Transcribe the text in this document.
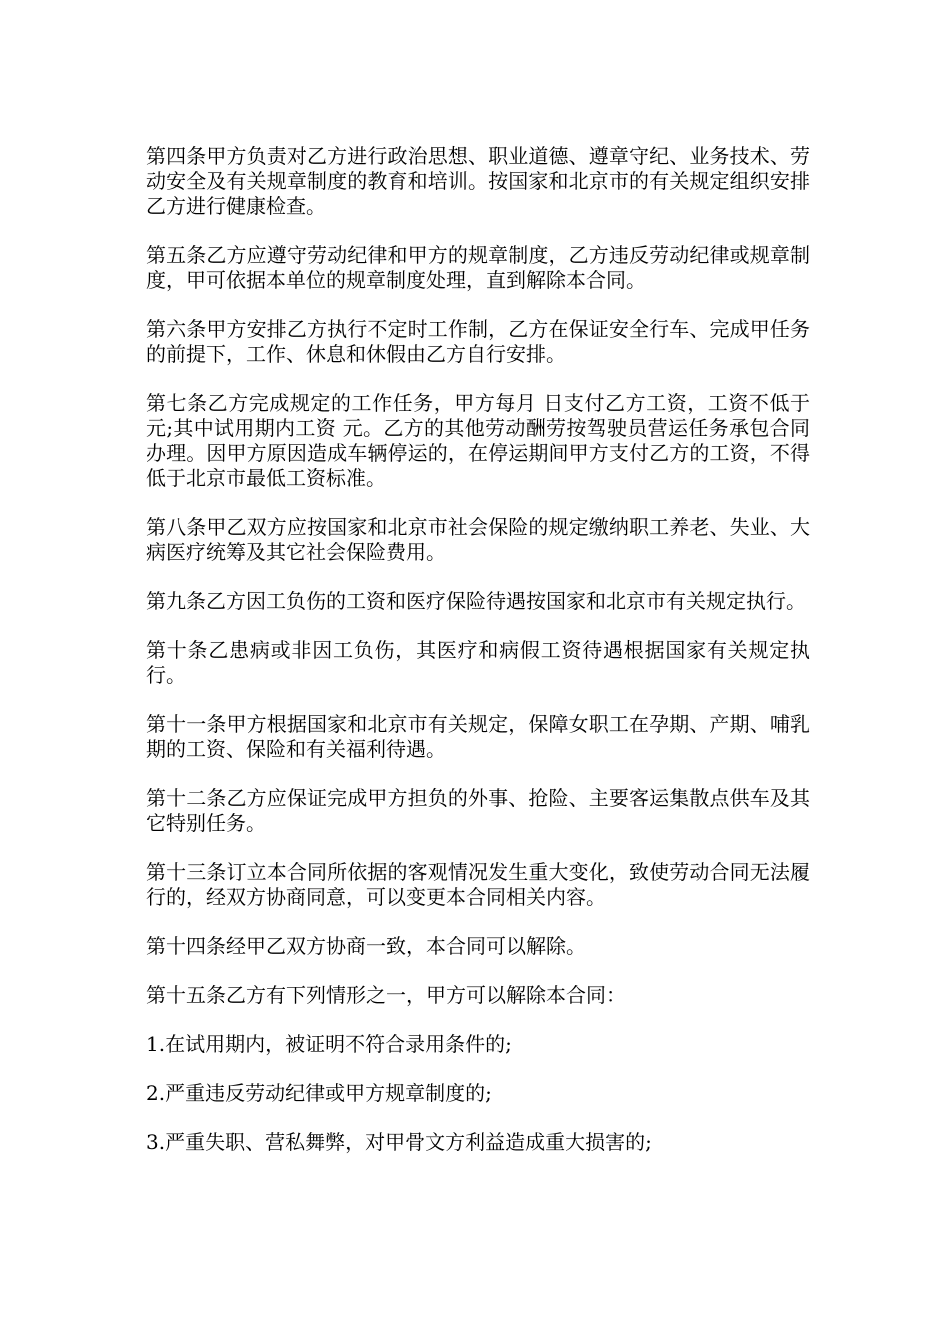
第四条甲方负责对乙方进行政治思想、职业道德、遵章守纪、业务技术、劳动安全及有关规章制度的教育和培训。按国家和北京市的有关规定组织安排乙方进行健康检查。

第五条乙方应遵守劳动纪律和甲方的规章制度，乙方违反劳动纪律或规章制度，甲可依据本单位的规章制度处理，直到解除本合同。

第六条甲方安排乙方执行不定时工作制，乙方在保证安全行车、完成甲任务的前提下，工作、休息和休假由乙方自行安排。

第七条乙方完成规定的工作任务，甲方每月 日支付乙方工资，工资不低于 元;其中试用期内工资 元。乙方的其他劳动酬劳按驾驶员营运任务承包合同办理。因甲方原因造成车辆停运的，在停运期间甲方支付乙方的工资，不得低于北京市最低工资标准。

第八条甲乙双方应按国家和北京市社会保险的规定缴纳职工养老、失业、大病医疗统筹及其它社会保险费用。

第九条乙方因工负伤的工资和医疗保险待遇按国家和北京市有关规定执行。

第十条乙患病或非因工负伤，其医疗和病假工资待遇根据国家有关规定执行。

第十一条甲方根据国家和北京市有关规定，保障女职工在孕期、产期、哺乳期的工资、保险和有关福利待遇。

第十二条乙方应保证完成甲方担负的外事、抢险、主要客运集散点供车及其它特别任务。

第十三条订立本合同所依据的客观情况发生重大变化，致使劳动合同无法履行的，经双方协商同意，可以变更本合同相关内容。

第十四条经甲乙双方协商一致，本合同可以解除。

第十五条乙方有下列情形之一，甲方可以解除本合同：

1.在试用期内，被证明不符合录用条件的;

2.严重违反劳动纪律或甲方规章制度的;

3.严重失职、营私舞弊，对甲骨文方利益造成重大损害的;
